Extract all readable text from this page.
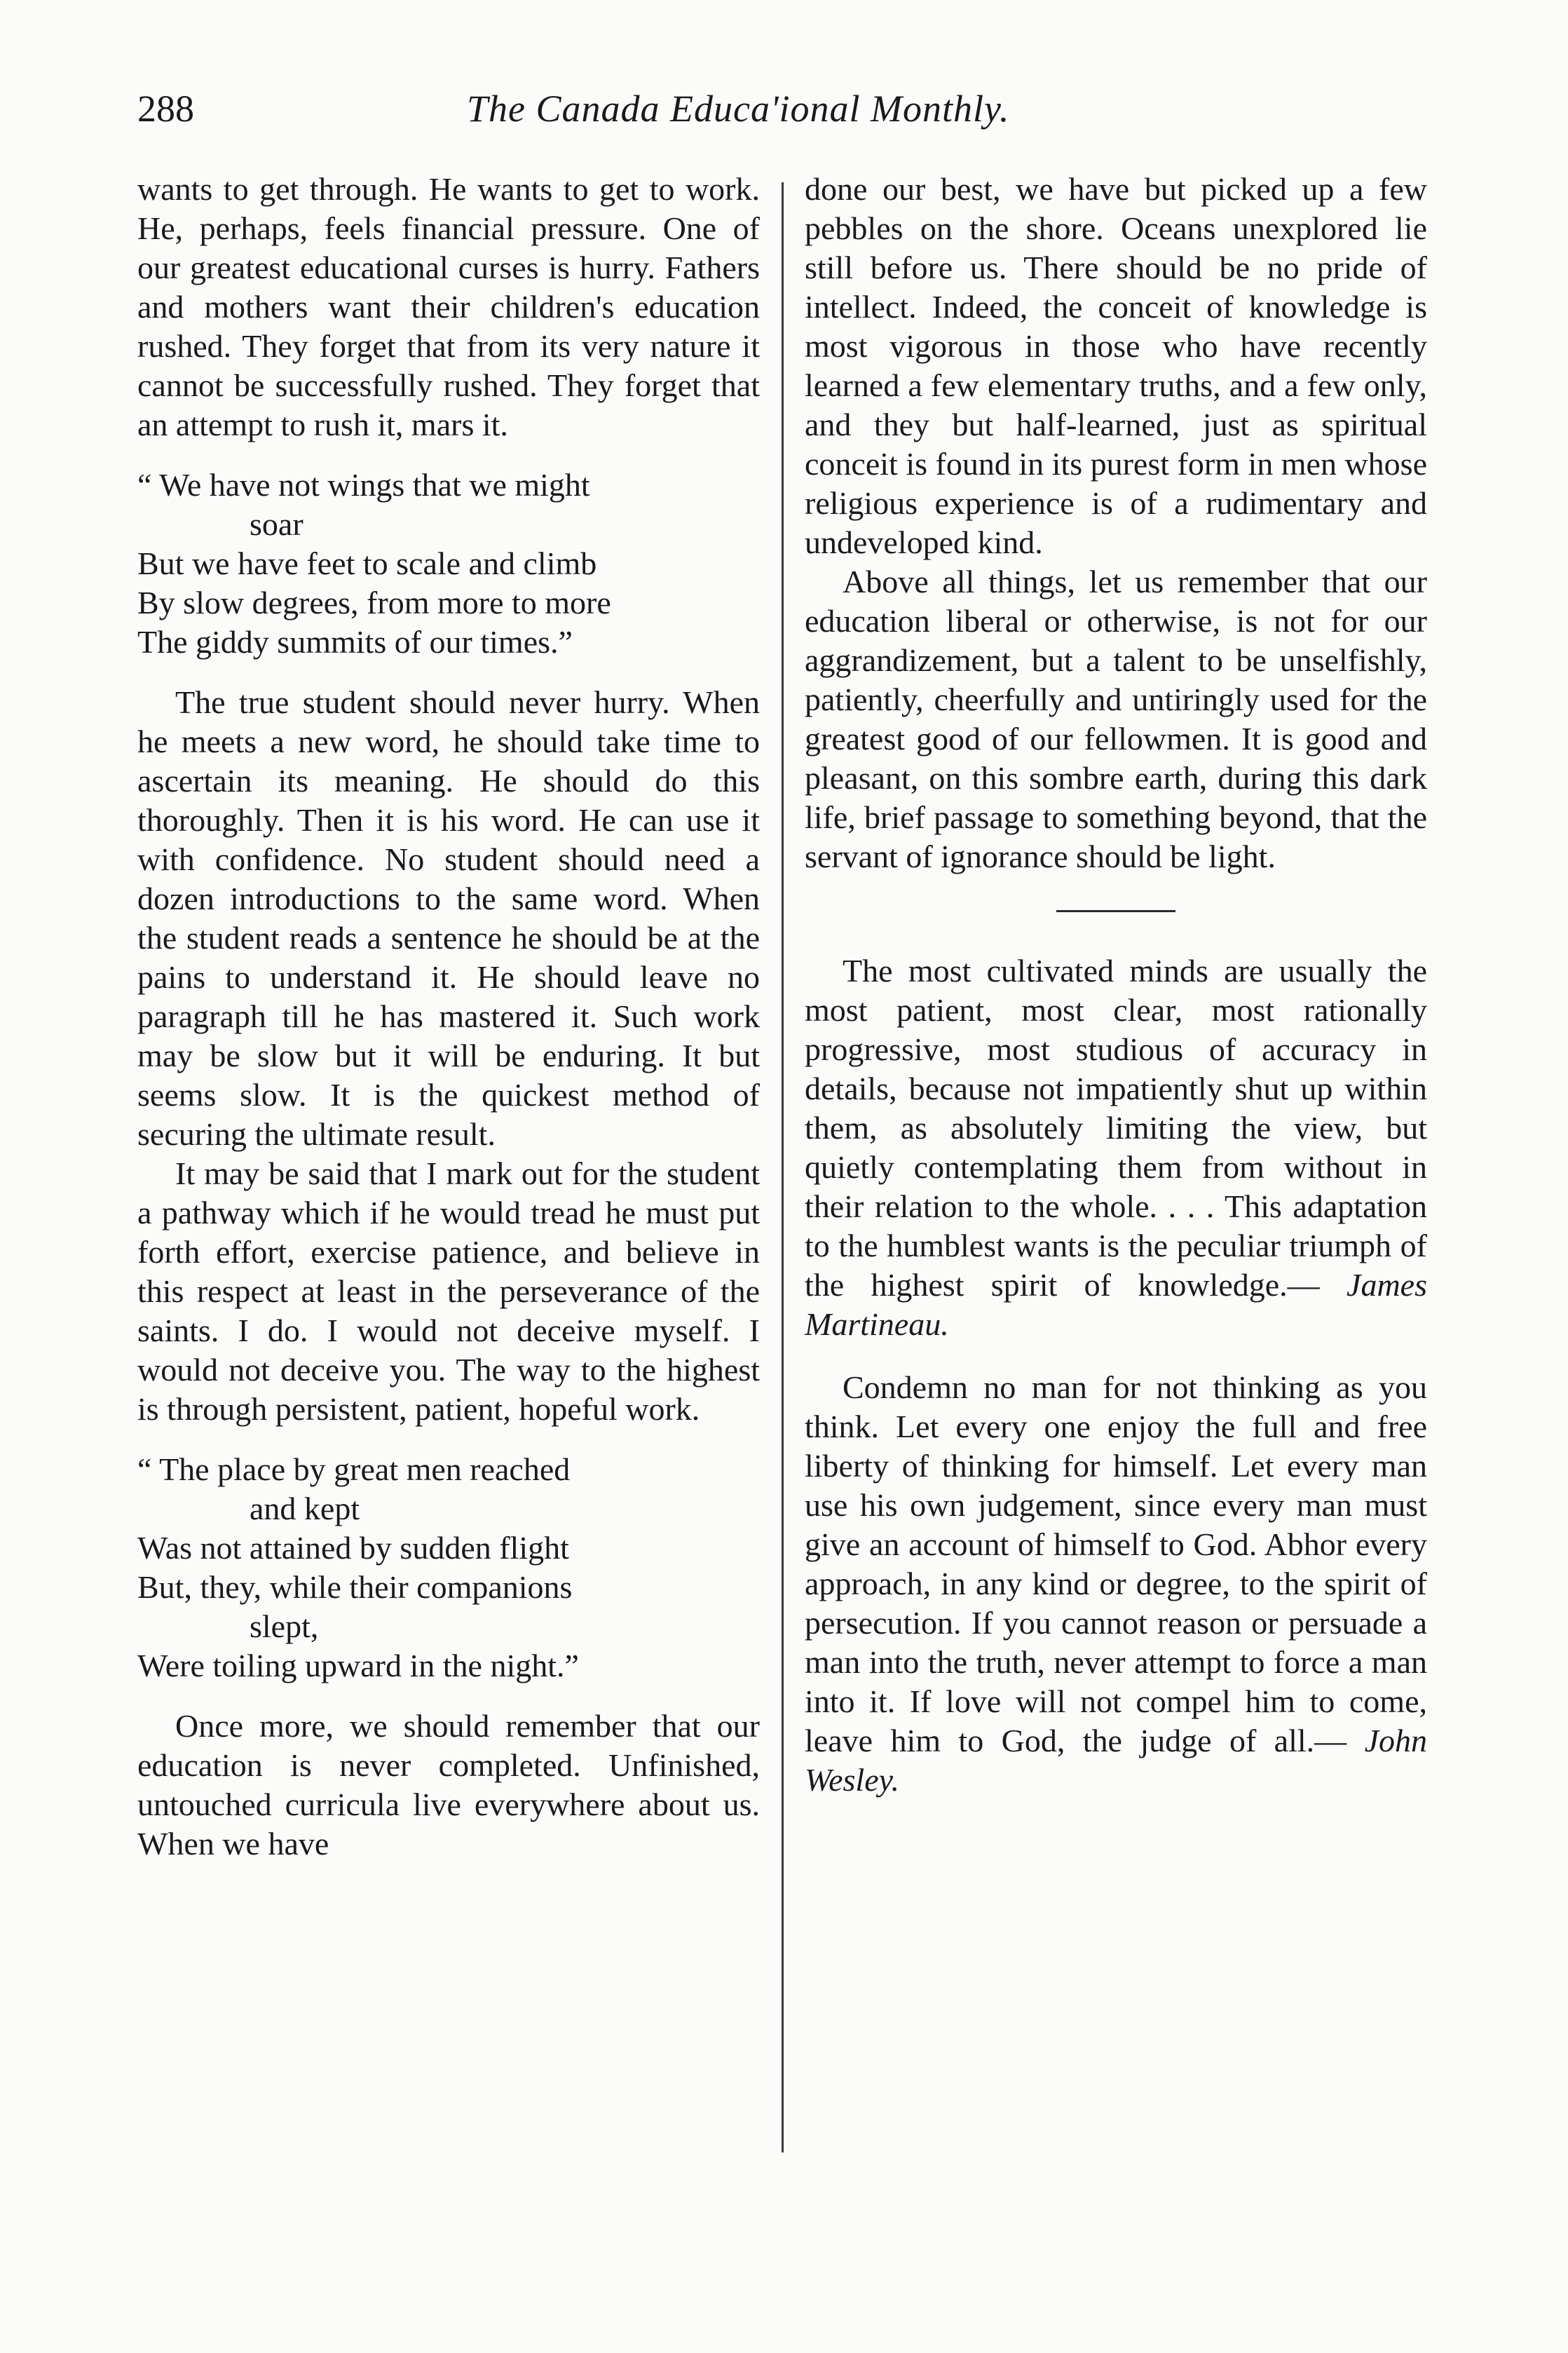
288	The Canada Educa'ional Monthly.

wants to get through. He wants to get to work. He, perhaps, feels financial pressure. One of our greatest educational curses is hurry. Fathers and mothers want their children's education rushed. They forget that from its very nature it cannot be successfully rushed. They forget that an attempt to rush it, mars it.

“ We have not wings that we might
soar
But we have feet to scale and climb
By slow degrees, from more to more
The giddy summits of our times.”

The true student should never hurry. When he meets a new word, he should take time to ascertain its meaning. He should do this thoroughly. Then it is his word. He can use it with confidence. No student should need a dozen introductions to the same word. When the student reads a sentence he should be at the pains to understand it. He should leave no paragraph till he has mastered it. Such work may be slow but it will be enduring. It but seems slow. It is the quickest method of securing the ultimate result.

It may be said that I mark out for the student a pathway which if he would tread he must put forth effort, exercise patience, and believe in this respect at least in the perseverance of the saints. I do. I would not deceive myself. I would not deceive you. The way to the highest is through persistent, patient, hopeful work.

“ The place by great men reached
and kept
Was not attained by sudden flight
But, they, while their companions
slept,
Were toiling upward in the night.”

Once more, we should remember that our education is never completed. Unfinished, untouched curricula live everywhere about us. When we have

done our best, we have but picked up a few pebbles on the shore. Oceans unexplored lie still before us. There should be no pride of intellect. Indeed, the conceit of knowledge is most vigorous in those who have recently learned a few elementary truths, and a few only, and they but half-learned, just as spiritual conceit is found in its purest form in men whose religious experience is of a rudimentary and undeveloped kind.

Above all things, let us remember that our education liberal or otherwise, is not for our aggrandizement, but a talent to be unselfishly, patiently, cheerfully and untiringly used for the greatest good of our fellowmen. It is good and pleasant, on this sombre earth, during this dark life, brief passage to something beyond, that the servant of ignorance should be light.

The most cultivated minds are usually the most patient, most clear, most rationally progressive, most studious of accuracy in details, because not impatiently shut up within them, as absolutely limiting the view, but quietly contemplating them from without in their relation to the whole. . . . This adaptation to the humblest wants is the peculiar triumph of the highest spirit of knowledge.— James Martineau.

Condemn no man for not thinking as you think. Let every one enjoy the full and free liberty of thinking for himself. Let every man use his own judgement, since every man must give an account of himself to God. Abhor every approach, in any kind or degree, to the spirit of persecution. If you cannot reason or persuade a man into the truth, never attempt to force a man into it. If love will not compel him to come, leave him to God, the judge of all.— John Wesley.
